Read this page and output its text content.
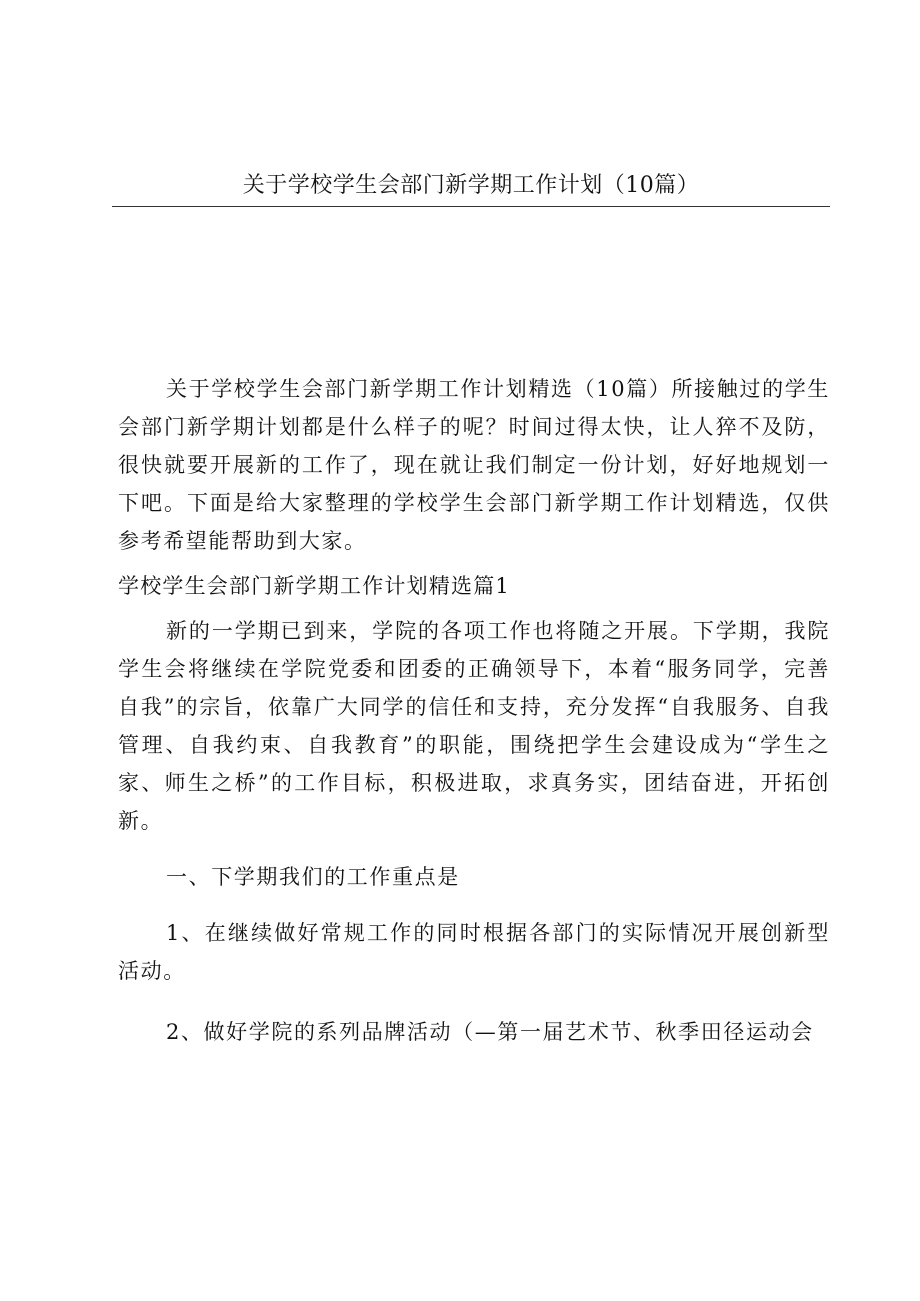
关于学校学生会部门新学期工作计划（10篇）

关于学校学生会部门新学期工作计划精选（10篇）所接触过的学生会部门新学期计划都是什么样子的呢？时间过得太快，让人猝不及防，很快就要开展新的工作了，现在就让我们制定一份计划，好好地规划一下吧。下面是给大家整理的学校学生会部门新学期工作计划精选，仅供参考希望能帮助到大家。

学校学生会部门新学期工作计划精选篇1

新的一学期已到来，学院的各项工作也将随之开展。下学期，我院学生会将继续在学院党委和团委的正确领导下，本着“服务同学，完善自我”的宗旨，依靠广大同学的信任和支持，充分发挥“自我服务、自我管理、自我约束、自我教育”的职能，围绕把学生会建设成为“学生之家、师生之桥”的工作目标，积极进取，求真务实，团结奋进，开拓创新。

一、下学期我们的工作重点是

1、在继续做好常规工作的同时根据各部门的实际情况开展创新型活动。

2、做好学院的系列品牌活动（—第一届艺术节、秋季田径运动会
